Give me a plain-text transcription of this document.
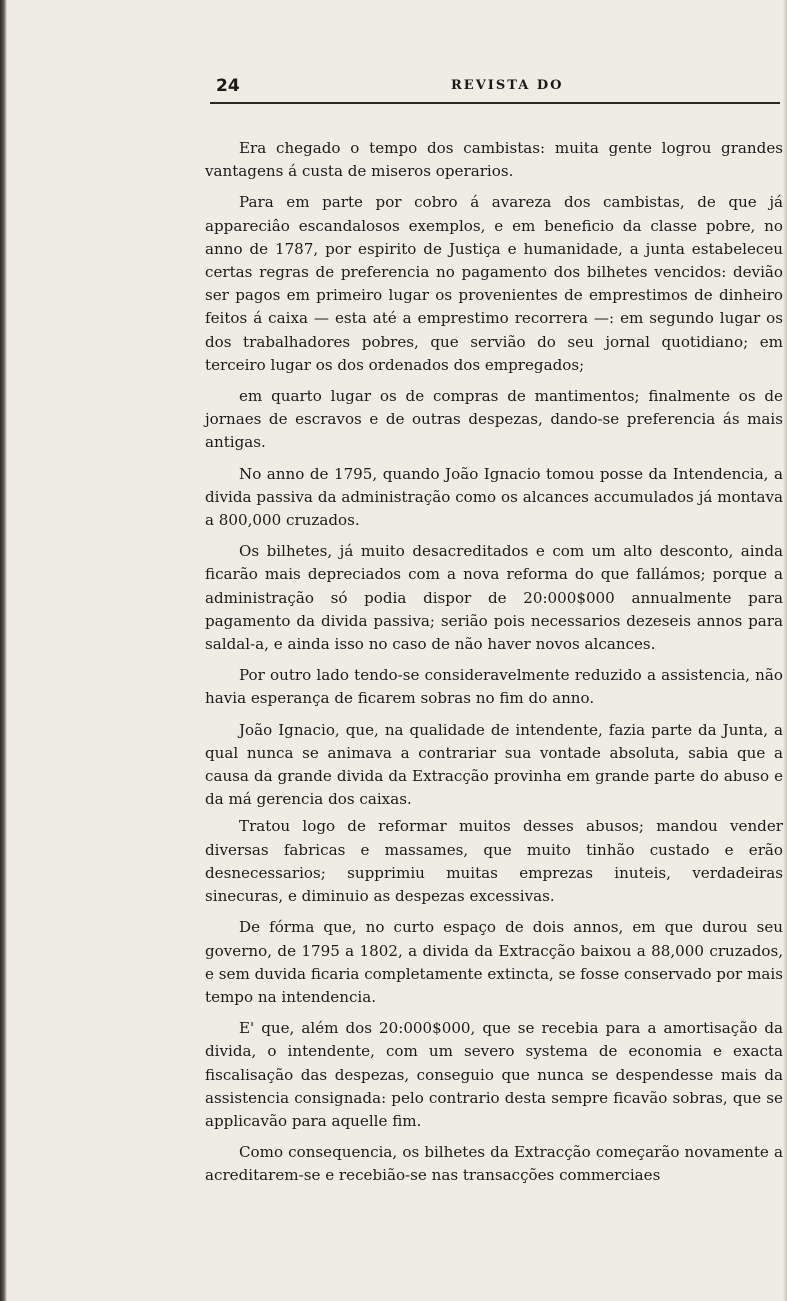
24	REVISTA DO

Era chegado o tempo dos cambistas: muita gente logrou grandes vantagens á custa de miseros operarios.

Para em parte por cobro á avareza dos cambistas, de que já appareciâo escandalosos exemplos, e em beneficio da classe pobre, no anno de 1787, por espirito de Justiça e humanidade, a junta estabeleceu certas regras de preferencia no pagamento dos bilhetes vencidos: devião ser pagos em primeiro lugar os provenientes de emprestimos de dinheiro feitos á caixa — esta até a emprestimo recorrera —: em segundo lugar os dos trabalhadores pobres, que servião do seu jornal quotidiano; em terceiro lugar os dos ordenados dos empregados;

em quarto lugar os de compras de mantimentos; finalmente os de jornaes de escravos e de outras despezas, dando-se preferencia ás mais antigas.

No anno de 1795, quando João Ignacio tomou posse da Intendencia, a divida passiva da administração como os alcances accumulados já montava a 800,000 cruzados.

Os bilhetes, já muito desacreditados e com um alto desconto, ainda ficarão mais depreciados com a nova reforma do que fallámos; porque a administração só podia dispor de 20:000$000 annualmente para pagamento da divida passiva; serião pois necessarios dezeseis annos para saldal-a, e ainda isso no caso de não haver novos alcances.

Por outro lado tendo-se consideravelmente reduzido a assistencia, não havia esperança de ficarem sobras no fim do anno.

João Ignacio, que, na qualidade de intendente, fazia parte da Junta, a qual nunca se animava a contrariar sua vontade absoluta, sabia que a causa da grande divida da Extracção provinha em grande parte do abuso e da má gerencia dos caixas.

Tratou logo de reformar muitos desses abusos; mandou vender diversas fabricas e massames, que muito tinhão custado e erão desnecessarios; supprimiu muitas emprezas inuteis, verdadeiras sinecuras, e diminuio as despezas excessivas.

De fórma que, no curto espaço de dois annos, em que durou seu governo, de 1795 a 1802, a divida da Extracção baixou a 88,000 cruzados, e sem duvida ficaria completamente extincta, se fosse conservado por mais tempo na intendencia.

E' que, além dos 20:000$000, que se recebia para a amortisação da divida, o intendente, com um severo systema de economia e exacta fiscalisação das despezas, conseguio que nunca se despendesse mais da assistencia consignada: pelo contrario desta sempre ficavão sobras, que se applicavão para aquelle fim.

Como consequencia, os bilhetes da Extracção começarão novamente a acreditarem-se e recebião-se nas transacções commerciaes
